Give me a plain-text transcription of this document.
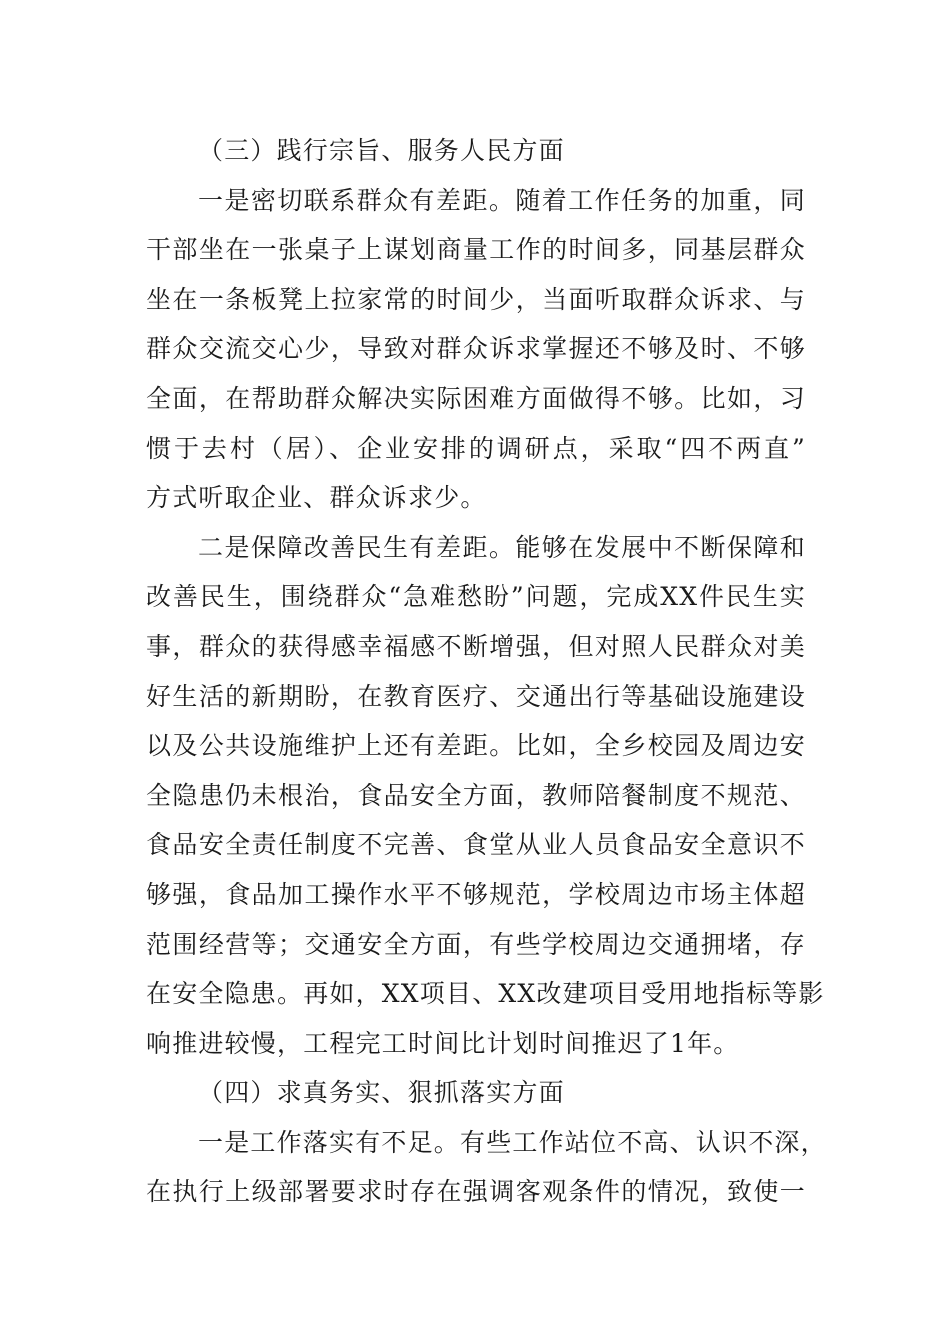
（三）践行宗旨、服务人民方面

一是密切联系群众有差距。随着工作任务的加重，同
干部坐在一张桌子上谋划商量工作的时间多，同基层群众
坐在一条板凳上拉家常的时间少，当面听取群众诉求、与
群众交流交心少，导致对群众诉求掌握还不够及时、不够
全面，在帮助群众解决实际困难方面做得不够。比如，习
惯于去村（居）、企业安排的调研点，采取“四不两直”
方式听取企业、群众诉求少。

二是保障改善民生有差距。能够在发展中不断保障和
改善民生，围绕群众“急难愁盼”问题，完成XX件民生实
事，群众的获得感幸福感不断增强，但对照人民群众对美
好生活的新期盼，在教育医疗、交通出行等基础设施建设
以及公共设施维护上还有差距。比如，全乡校园及周边安
全隐患仍未根治，食品安全方面，教师陪餐制度不规范、
食品安全责任制度不完善、食堂从业人员食品安全意识不
够强，食品加工操作水平不够规范，学校周边市场主体超
范围经营等；交通安全方面，有些学校周边交通拥堵，存
在安全隐患。再如，XX项目、XX改建项目受用地指标等影
响推进较慢，工程完工时间比计划时间推迟了1年。

（四）求真务实、狠抓落实方面

一是工作落实有不足。有些工作站位不高、认识不深，
在执行上级部署要求时存在强调客观条件的情况，致使一
